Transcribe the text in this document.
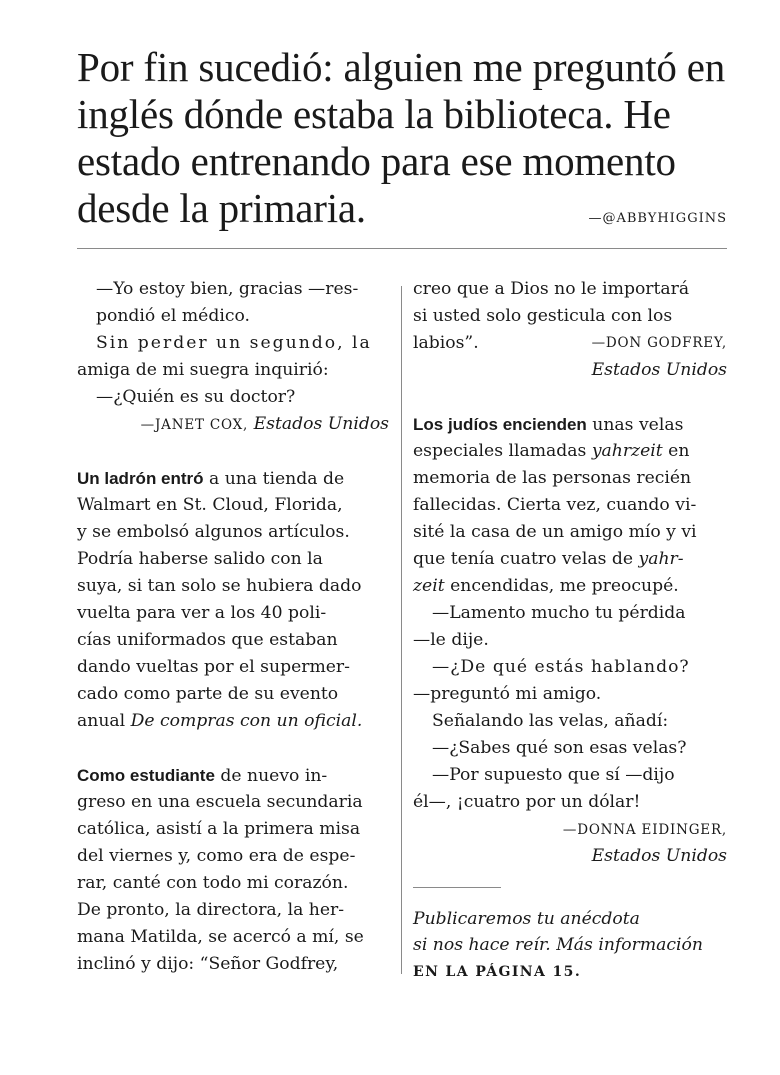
Por fin sucedió: alguien me preguntó en
inglés dónde estaba la biblioteca. He
estado entrenando para ese momento
desde la primaria.	—@ABBYHIGGINS
—Yo estoy bien, gracias —res-
pondió el médico.
Sin perder un segundo, la
amiga de mi suegra inquirió:
—¿Quién es su doctor?
—JANET COX, Estados Unidos
Un ladrón entró a una tienda de
Walmart en St. Cloud, Florida,
y se embolsó algunos artículos.
Podría haberse salido con la
suya, si tan solo se hubiera dado
vuelta para ver a los 40 poli-
cías uniformados que estaban
dando vueltas por el supermer-
cado como parte de su evento
anual De compras con un oficial.
Como estudiante de nuevo in-
greso en una escuela secundaria
católica, asistí a la primera misa
del viernes y, como era de espe-
rar, canté con todo mi corazón.
De pronto, la directora, la her-
mana Matilda, se acercó a mí, se
inclinó y dijo: “Señor Godfrey,
creo que a Dios no le importará
si usted solo gesticula con los
labios”.	—DON GODFREY,
Estados Unidos
Los judíos encienden unas velas
especiales llamadas yahrzeit en
memoria de las personas recién
fallecidas. Cierta vez, cuando vi-
sité la casa de un amigo mío y vi
que tenía cuatro velas de yahr-
zeit encendidas, me preocupé.
—Lamento mucho tu pérdida
—le dije.
—¿De qué estás hablando?
—preguntó mi amigo.
Señalando las velas, añadí:
—¿Sabes qué son esas velas?
—Por supuesto que sí —dijo
él—, ¡cuatro por un dólar!
—DONNA EIDINGER,
Estados Unidos
Publicaremos tu anécdota
si nos hace reír. Más información
EN LA PÁGINA 15.
